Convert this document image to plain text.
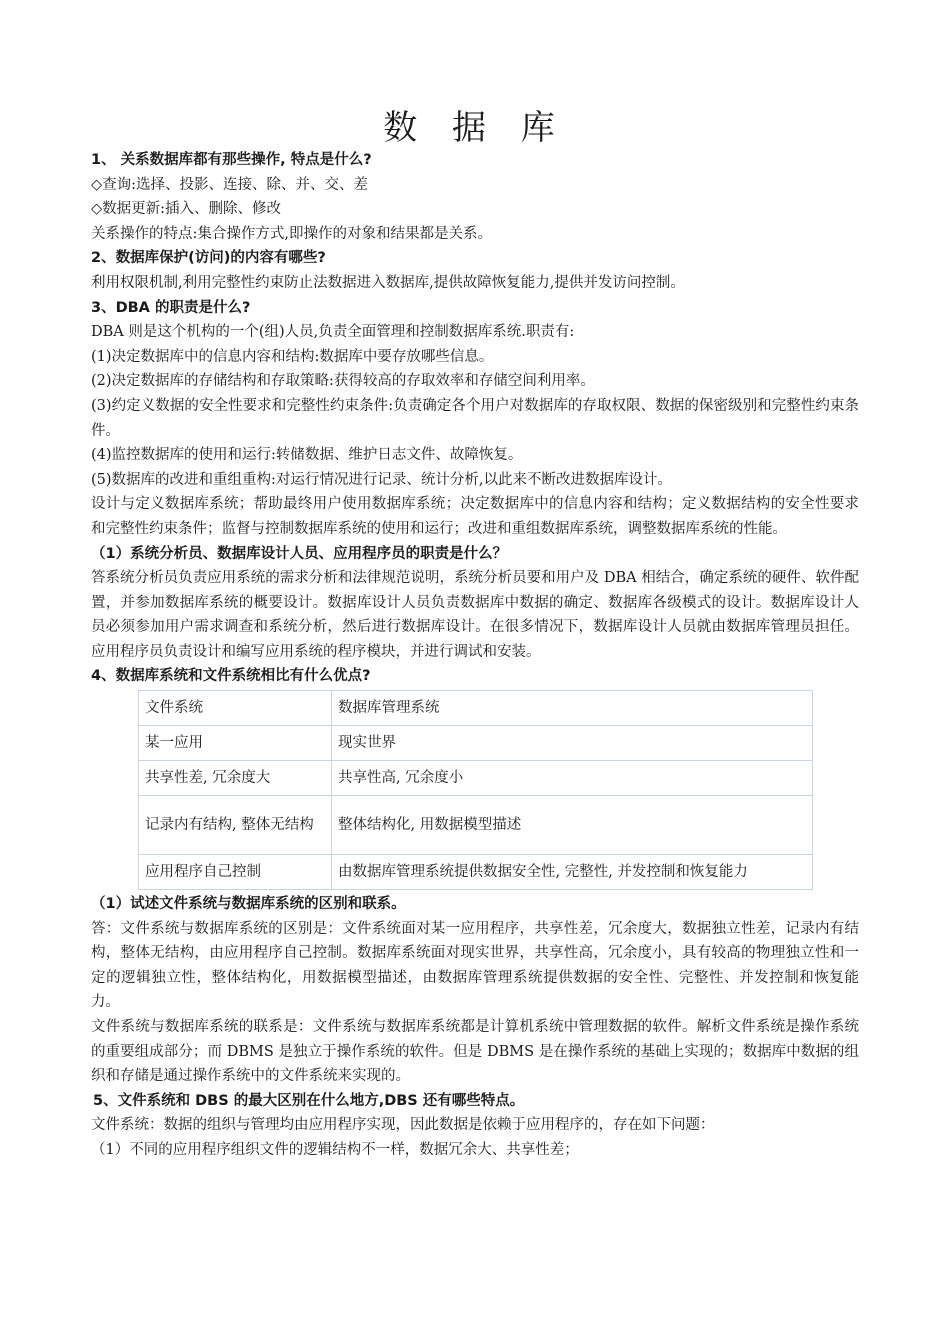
数 据 库

1、 关系数据库都有那些操作, 特点是什么?

◇查询:选择、投影、连接、除、并、交、差

◇数据更新:插入、删除、修改

关系操作的特点:集合操作方式,即操作的对象和结果都是关系。

2、数据库保护(访问)的内容有哪些?

利用权限机制,利用完整性约束防止法数据进入数据库,提供故障恢复能力,提供并发访问控制。

3、DBA 的职责是什么?

DBA 则是这个机构的一个(组)人员,负责全面管理和控制数据库系统.职责有:

(1)决定数据库中的信息内容和结构:数据库中要存放哪些信息。

(2)决定数据库的存储结构和存取策略:获得较高的存取效率和存储空间利用率。

(3)约定义数据的安全性要求和完整性约束条件:负责确定各个用户对数据库的存取权限、数据的保密级别和完整性约束条件。

(4)监控数据库的使用和运行:转储数据、维护日志文件、故障恢复。

(5)数据库的改进和重组重构:对运行情况进行记录、统计分析,以此来不断改进数据库设计。

设计与定义数据库系统；帮助最终用户使用数据库系统；决定数据库中的信息内容和结构；定义数据结构的安全性要求和完整性约束条件；监督与控制数据库系统的使用和运行；改进和重组数据库系统，调整数据库系统的性能。

（1）系统分析员、数据库设计人员、应用程序员的职责是什么？

答系统分析员负责应用系统的需求分析和法律规范说明，系统分析员要和用户及 DBA 相结合，确定系统的硬件、软件配置，并参加数据库系统的概要设计。数据库设计人员负责数据库中数据的确定、数据库各级模式的设计。数据库设计人员必须参加用户需求调查和系统分析，然后进行数据库设计。在很多情况下，数据库设计人员就由数据库管理员担任。应用程序员负责设计和编写应用系统的程序模块，并进行调试和安装。

4、数据库系统和文件系统相比有什么优点?

文件系统	数据库管理系统
某一应用	现实世界
共享性差, 冗余度大	共享性高, 冗余度小
记录内有结构, 整体无结构	整体结构化, 用数据模型描述
应用程序自己控制	由数据库管理系统提供数据安全性, 完整性, 并发控制和恢复能力

（1）试述文件系统与数据库系统的区别和联系。

答：文件系统与数据库系统的区别是：文件系统面对某一应用程序，共享性差，冗余度大，数据独立性差，记录内有结构，整体无结构，由应用程序自己控制。数据库系统面对现实世界，共享性高，冗余度小，具有较高的物理独立性和一定的逻辑独立性，整体结构化，用数据模型描述，由数据库管理系统提供数据的安全性、完整性、并发控制和恢复能力。

文件系统与数据库系统的联系是：文件系统与数据库系统都是计算机系统中管理数据的软件。解析文件系统是操作系统的重要组成部分；而 DBMS 是独立于操作系统的软件。但是 DBMS 是在操作系统的基础上实现的；数据库中数据的组织和存储是通过操作系统中的文件系统来实现的。

5、文件系统和 DBS 的最大区别在什么地方,DBS 还有哪些特点。

文件系统：数据的组织与管理均由应用程序实现，因此数据是依赖于应用程序的，存在如下问题：

（1）不同的应用程序组织文件的逻辑结构不一样，数据冗余大、共享性差；
